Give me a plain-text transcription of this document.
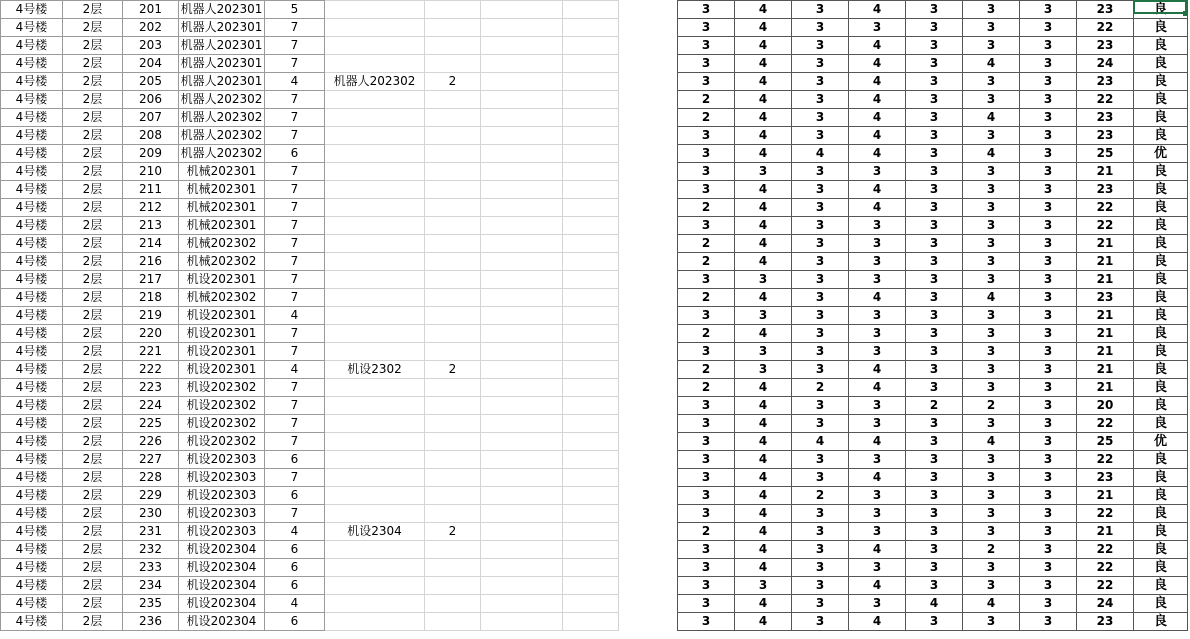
4号楼	2层	201	机器人202301	5				
4号楼	2层	202	机器人202301	7				
4号楼	2层	203	机器人202301	7				
4号楼	2层	204	机器人202301	7				
4号楼	2层	205	机器人202301	4	机器人202302	2		
4号楼	2层	206	机器人202302	7				
4号楼	2层	207	机器人202302	7				
4号楼	2层	208	机器人202302	7				
4号楼	2层	209	机器人202302	6				
4号楼	2层	210	机械202301	7				
4号楼	2层	211	机械202301	7				
4号楼	2层	212	机械202301	7				
4号楼	2层	213	机械202301	7				
4号楼	2层	214	机械202302	7				
4号楼	2层	216	机械202302	7				
4号楼	2层	217	机设202301	7				
4号楼	2层	218	机械202302	7				
4号楼	2层	219	机设202301	4				
4号楼	2层	220	机设202301	7				
4号楼	2层	221	机设202301	7				
4号楼	2层	222	机设202301	4	机设2302	2		
4号楼	2层	223	机设202302	7				
4号楼	2层	224	机设202302	7				
4号楼	2层	225	机设202302	7				
4号楼	2层	226	机设202302	7				
4号楼	2层	227	机设202303	6				
4号楼	2层	228	机设202303	7				
4号楼	2层	229	机设202303	6				
4号楼	2层	230	机设202303	7				
4号楼	2层	231	机设202303	4	机设2304	2		
4号楼	2层	232	机设202304	6				
4号楼	2层	233	机设202304	6				
4号楼	2层	234	机设202304	6				
4号楼	2层	235	机设202304	4				
4号楼	2层	236	机设202304	6				
3	4	3	4	3	3	3	23	良
3	4	3	3	3	3	3	22	良
3	4	3	4	3	3	3	23	良
3	4	3	4	3	4	3	24	良
3	4	3	4	3	3	3	23	良
2	4	3	4	3	3	3	22	良
2	4	3	4	3	4	3	23	良
3	4	3	4	3	3	3	23	良
3	4	4	4	3	4	3	25	优
3	3	3	3	3	3	3	21	良
3	4	3	4	3	3	3	23	良
2	4	3	4	3	3	3	22	良
3	4	3	3	3	3	3	22	良
2	4	3	3	3	3	3	21	良
2	4	3	3	3	3	3	21	良
3	3	3	3	3	3	3	21	良
2	4	3	4	3	4	3	23	良
3	3	3	3	3	3	3	21	良
2	4	3	3	3	3	3	21	良
3	3	3	3	3	3	3	21	良
2	3	3	4	3	3	3	21	良
2	4	2	4	3	3	3	21	良
3	4	3	3	2	2	3	20	良
3	4	3	3	3	3	3	22	良
3	4	4	4	3	4	3	25	优
3	4	3	3	3	3	3	22	良
3	4	3	4	3	3	3	23	良
3	4	2	3	3	3	3	21	良
3	4	3	3	3	3	3	22	良
2	4	3	3	3	3	3	21	良
3	4	3	4	3	2	3	22	良
3	4	3	3	3	3	3	22	良
3	3	3	4	3	3	3	22	良
3	4	3	3	4	4	3	24	良
3	4	3	4	3	3	3	23	良
